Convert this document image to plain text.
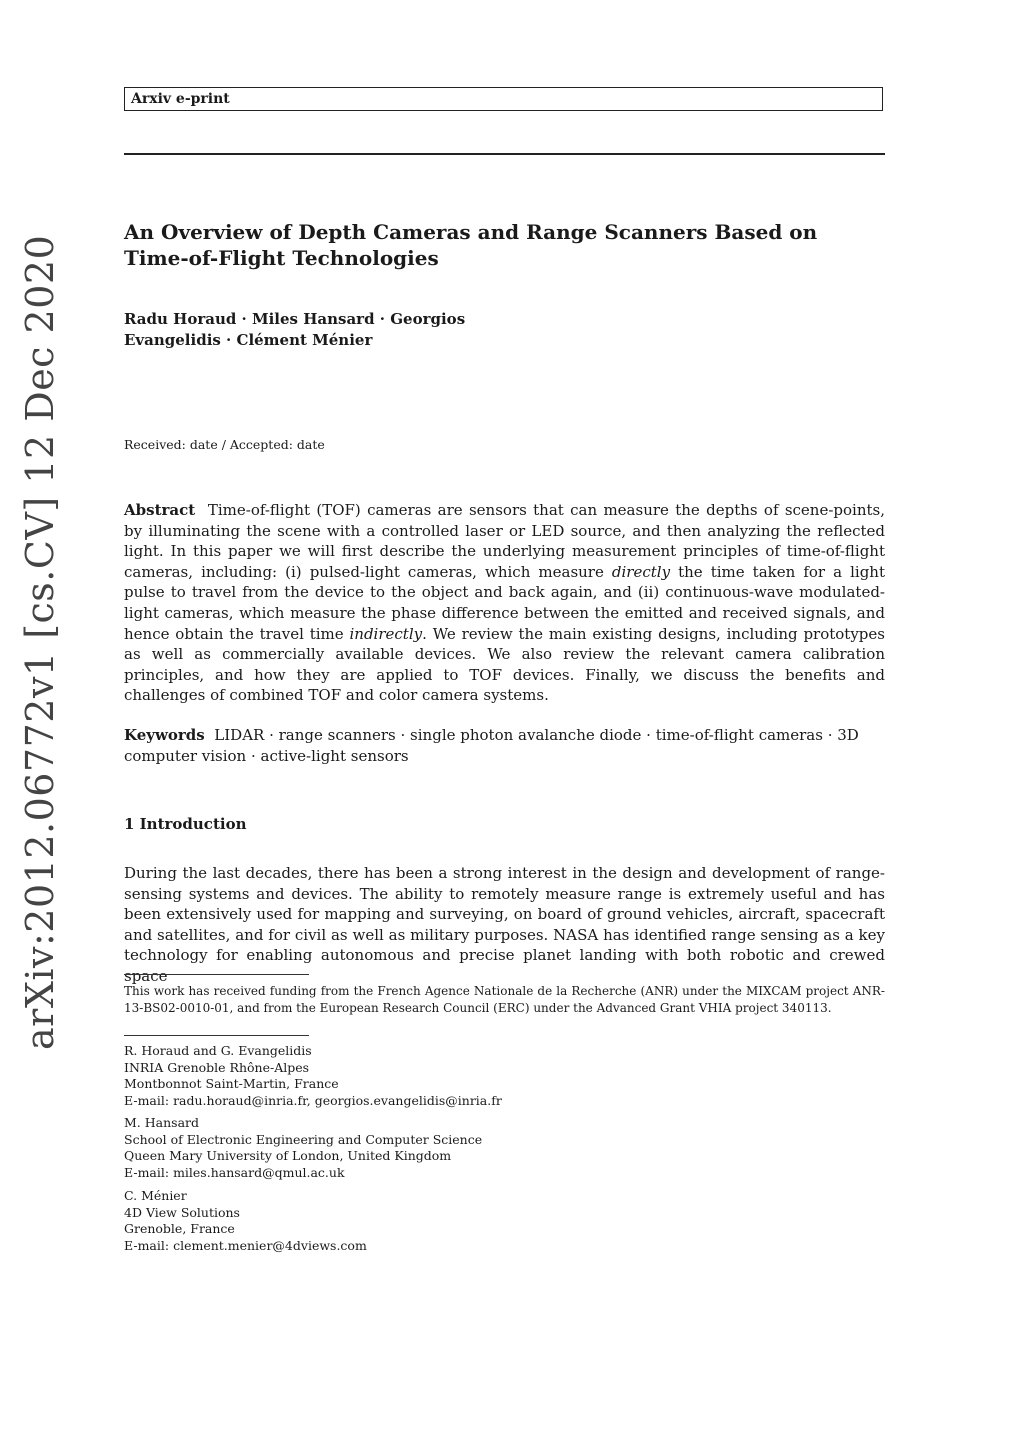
Arxiv e-print
arXiv:2012.06772v1 [cs.CV] 12 Dec 2020
An Overview of Depth Cameras and Range Scanners Based on
Time-of-Flight Technologies
Radu Horaud · Miles Hansard · Georgios
Evangelidis · Clément Ménier
Received: date / Accepted: date
Abstract Time-of-flight (TOF) cameras are sensors that can measure the depths of scene-points, by illuminating the scene with a controlled laser or LED source, and then analyzing the reflected light. In this paper we will first describe the underlying measurement principles of time-of-flight cameras, including: (i) pulsed-light cameras, which measure directly the time taken for a light pulse to travel from the device to the object and back again, and (ii) continuous-wave modulated-light cameras, which measure the phase difference between the emitted and received signals, and hence obtain the travel time indirectly. We review the main existing designs, including prototypes as well as commercially available devices. We also review the relevant camera calibration principles, and how they are applied to TOF devices. Finally, we discuss the benefits and challenges of combined TOF and color camera systems.
Keywords LIDAR · range scanners · single photon avalanche diode · time-of-flight cameras · 3D computer vision · active-light sensors
1 Introduction
During the last decades, there has been a strong interest in the design and development of range-sensing systems and devices. The ability to remotely measure range is extremely useful and has been extensively used for mapping and surveying, on board of ground vehicles, aircraft, spacecraft and satellites, and for civil as well as military purposes. NASA has identified range sensing as a key technology for enabling autonomous and precise planet landing with both robotic and crewed space
This work has received funding from the French Agence Nationale de la Recherche (ANR) under the MIXCAM project ANR-13-BS02-0010-01, and from the European Research Council (ERC) under the Advanced Grant VHIA project 340113.
R. Horaud and G. Evangelidis
INRIA Grenoble Rhône-Alpes
Montbonnot Saint-Martin, France
E-mail: radu.horaud@inria.fr, georgios.evangelidis@inria.fr
M. Hansard
School of Electronic Engineering and Computer Science
Queen Mary University of London, United Kingdom
E-mail: miles.hansard@qmul.ac.uk
C. Ménier
4D View Solutions
Grenoble, France
E-mail: clement.menier@4dviews.com
